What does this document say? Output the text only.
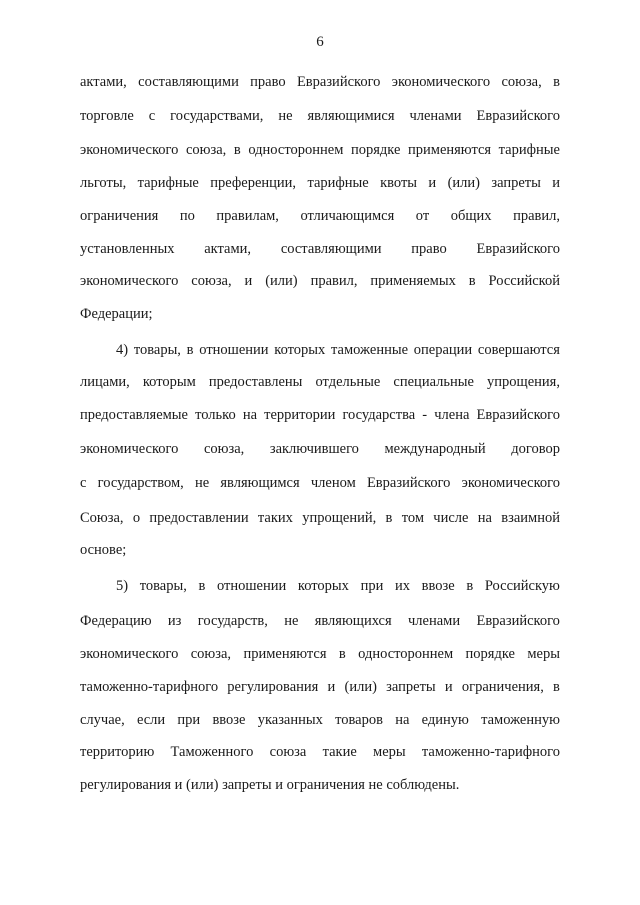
6
актами, составляющими право Евразийского экономического союза, в
торговле с государствами, не являющимися членами Евразийского
экономического союза, в одностороннем порядке применяются тарифные
льготы, тарифные преференции, тарифные квоты и (или) запреты и
ограничения по правилам, отличающимся от общих правил,
установленных актами, составляющими право Евразийского
экономического союза, и (или) правил, применяемых в Российской
Федерации;
4) товары, в отношении которых таможенные операции совершаются
лицами, которым предоставлены отдельные специальные упрощения,
предоставляемые только на территории государства - члена Евразийского
экономического союза, заключившего международный договор
с государством, не являющимся членом Евразийского экономического
Союза, о предоставлении таких упрощений, в том числе на взаимной
основе;
5) товары, в отношении которых при их ввозе в Российскую
Федерацию из государств, не являющихся членами Евразийского
экономического союза, применяются в одностороннем порядке меры
таможенно-тарифного регулирования и (или) запреты и ограничения, в
случае, если при ввозе указанных товаров на единую таможенную
территорию Таможенного союза такие меры таможенно-тарифного
регулирования и (или) запреты и ограничения не соблюдены.
